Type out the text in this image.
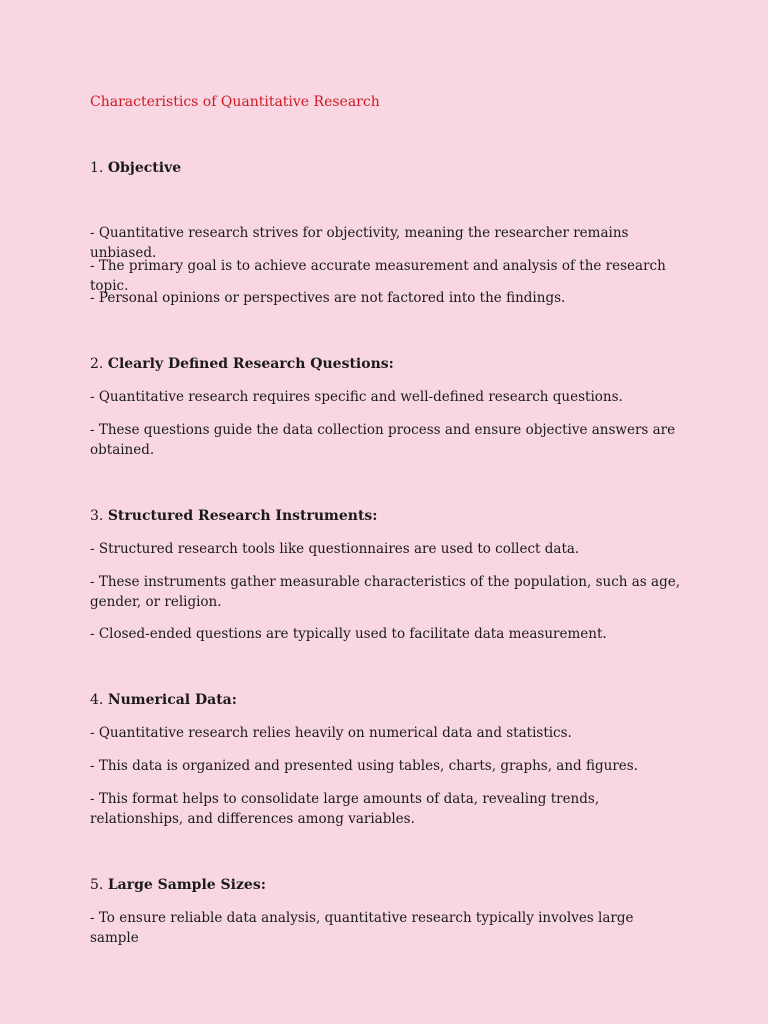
Characteristics of Quantitative Research
1. Objective

- Quantitative research strives for objectivity, meaning the researcher remains unbiased.

- The primary goal is to achieve accurate measurement and analysis of the research topic.

- Personal opinions or perspectives are not factored into the findings.

2. Clearly Defined Research Questions:

- Quantitative research requires specific and well-defined research questions.

- These questions guide the data collection process and ensure objective answers are obtained.

3. Structured Research Instruments:

- Structured research tools like questionnaires are used to collect data.

- These instruments gather measurable characteristics of the population, such as age, gender, or religion.

- Closed-ended questions are typically used to facilitate data measurement.

4. Numerical Data:

- Quantitative research relies heavily on numerical data and statistics.

- This data is organized and presented using tables, charts, graphs, and figures.

- This format helps to consolidate large amounts of data, revealing trends, relationships, and differences among variables.

5. Large Sample Sizes:

- To ensure reliable data analysis, quantitative research typically involves large sample
